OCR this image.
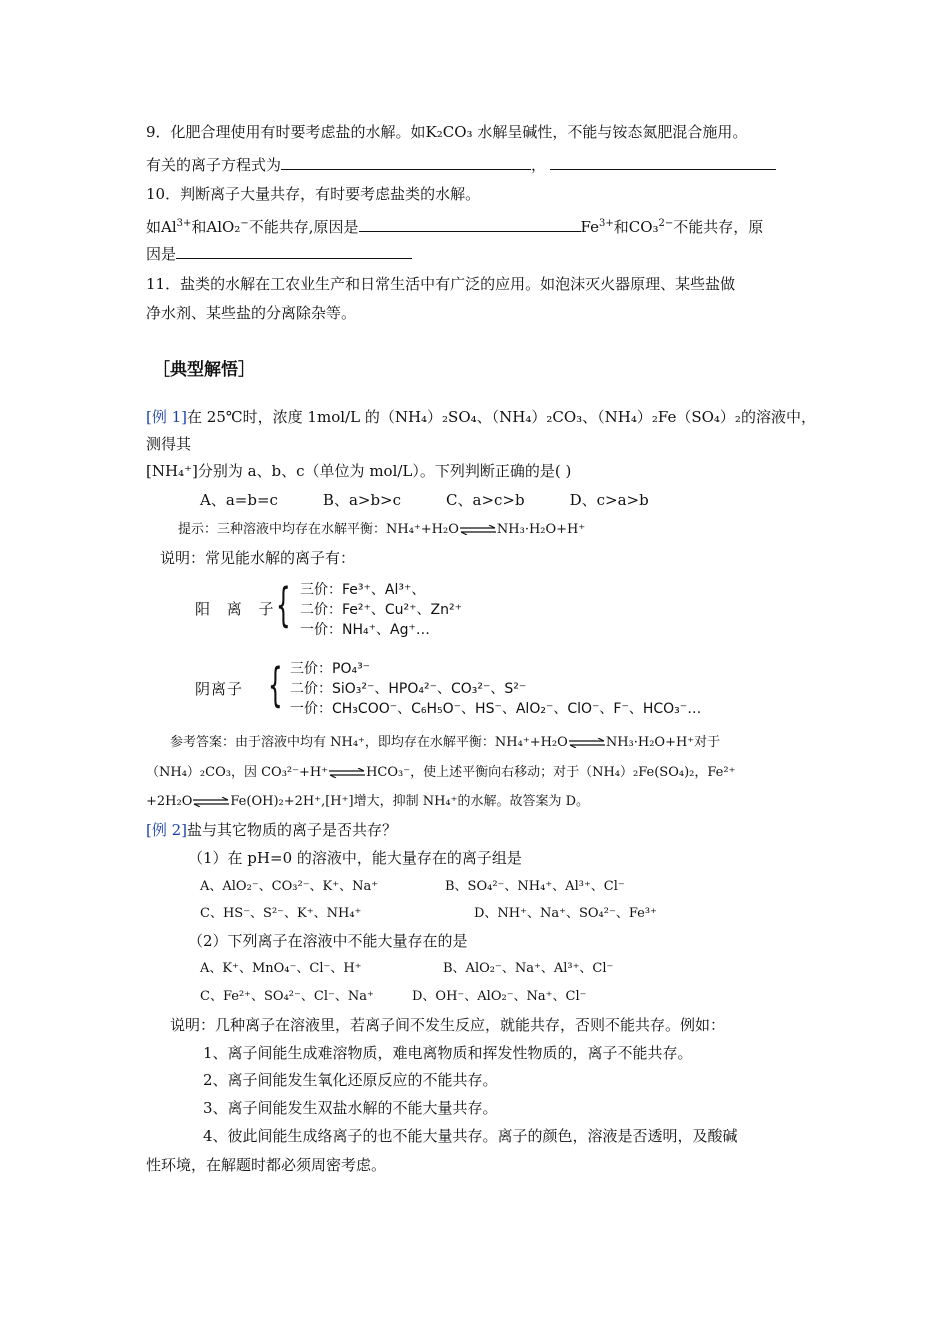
9．化肥合理使用有时要考虑盐的水解。如K₂CO₃ 水解呈碱性，不能与铵态氮肥混合施用。
有关的离子方程式为	，
10．判断离子大量共存，有时要考虑盐类的水解。
如$Al^{3+}$和AlO₂−不能共存,原因是	$Fe^{3+}$和CO₃$^{2-}$不能共存，原
因是
11．盐类的水解在工农业生产和日常生活中有广泛的应用。如泡沫灭火器原理、某些盐做
净水剂、某些盐的分离除杂等。
［典型解悟］
[例 1]在 25℃时，浓度 1mol/L 的（NH₄）₂SO₄、（NH₄）₂CO₃、（NH₄）₂Fe（SO₄）₂的溶液中，
测得其
[NH₄⁺]分别为 a、b、c（单位为 mol/L）。下列判断正确的是( )
A、a=b=c　　　B、a>b>c　　　C、a>c>b　　　D、c>a>b
提示：三种溶液中均存在水解平衡：NH₄⁺+H₂O⇌NH₃·H₂O+H⁺
说明：常见能水解的离子有：
阳 离 子
{ 三价：Fe³⁺、Al³⁺、
二价：Fe²⁺、Cu²⁺、Zn²⁺
一价：NH₄⁺、Ag⁺…
阴离子 { 三价：PO₄³⁻
二价：SiO₃²⁻、HPO₄²⁻、CO₃²⁻、S²⁻
一价：CH₃COO⁻、C₆H₅O⁻、HS⁻、AlO₂⁻、ClO⁻、F⁻、HCO₃⁻…
参考答案：由于溶液中均有 NH₄⁺，即均存在水解平衡：NH₄⁺+H₂O⇌NH₃·H₂O+H⁺对于
（NH₄）₂CO₃，因 CO₃²⁻+H⁺⇌HCO₃⁻，使上述平衡向右移动；对于（NH₄）₂Fe(SO₄)₂，Fe²⁺
+2H₂O⇌Fe(OH)₂+2H⁺,[H⁺]增大，抑制 NH₄⁺的水解。故答案为 D。
[例 2]盐与其它物质的离子是否共存？
（1）在 pH=0 的溶液中，能大量存在的离子组是
A、AlO₂⁻、CO₃²⁻、K⁺、Na⁺	B、SO₄²⁻、NH₄⁺、Al³⁺、Cl⁻
C、HS⁻、S²⁻、K⁺、NH₄⁺	D、NH⁺、Na⁺、SO₄²⁻、Fe³⁺
（2）下列离子在溶液中不能大量存在的是
A、K⁺、MnO₄⁻、Cl⁻、H⁺	B、AlO₂⁻、Na⁺、Al³⁺、Cl⁻
C、Fe²⁺、SO₄²⁻、Cl⁻、Na⁺	D、OH⁻、AlO₂⁻、Na⁺、Cl⁻
说明：几种离子在溶液里，若离子间不发生反应，就能共存，否则不能共存。例如：
1、离子间能生成难溶物质，难电离物质和挥发性物质的，离子不能共存。
2、离子间能发生氧化还原反应的不能共存。
3、离子间能发生双盐水解的不能大量共存。
4、彼此间能生成络离子的也不能大量共存。离子的颜色，溶液是否透明，及酸碱
性环境，在解题时都必须周密考虑。
